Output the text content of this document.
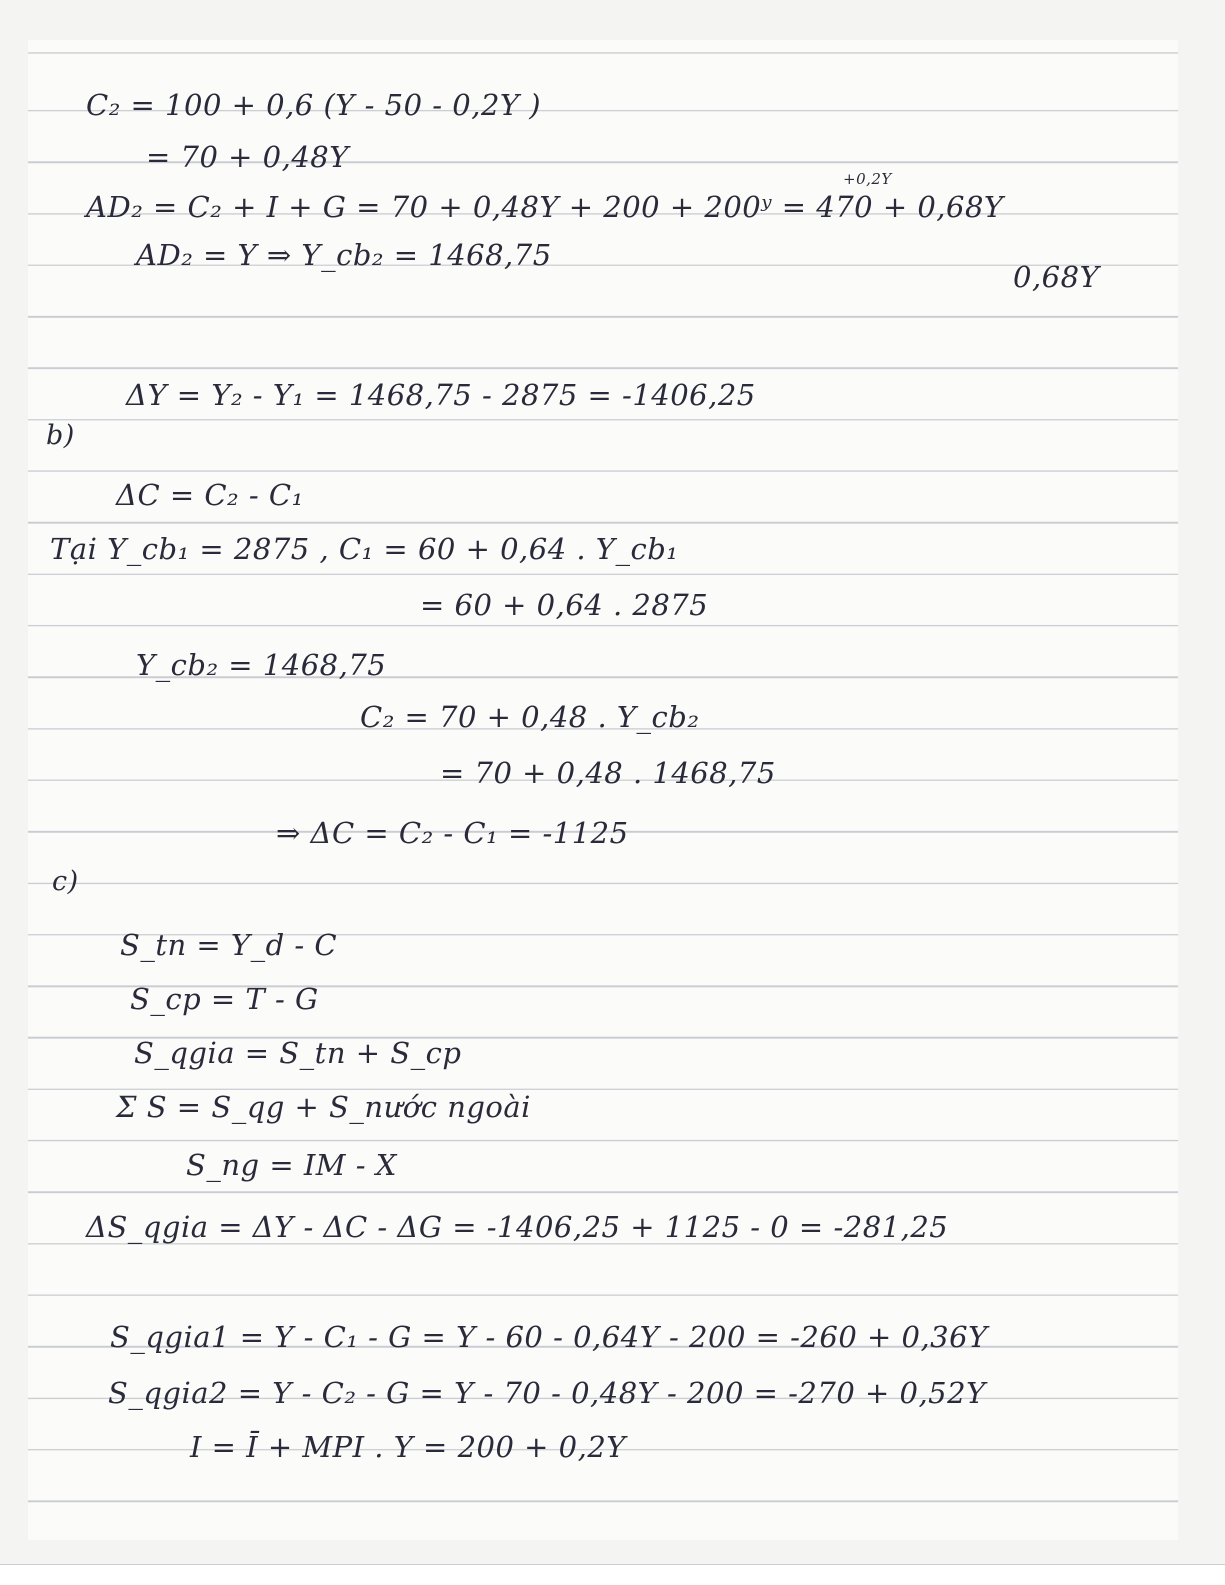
C₂ = 100 + 0,6 (Y - 50 - 0,2Y )
= 70 + 0,48Y
+0,2Y
AD₂ = C₂ + I + G = 70 + 0,48Y + 200 + 200ʸ = 470 + 0,68Y
AD₂ = Y ⇒ Y_cb₂ = 1468,75
0,68Y
ΔY = Y₂ - Y₁ = 1468,75 - 2875 = -1406,25
b)
ΔC = C₂ - C₁
Tại Y_cb₁ = 2875 , C₁ = 60 + 0,64 . Y_cb₁
= 60 + 0,64 . 2875
Y_cb₂ = 1468,75
C₂ = 70 + 0,48 . Y_cb₂
= 70 + 0,48 . 1468,75
⇒ ΔC = C₂ - C₁ = -1125
c)
S_tn = Y_d - C
S_cp = T - G
S_qgia = S_tn + S_cp
Σ S = S_qg + S_nước ngoài
S_ng = IM - X
ΔS_qgia = ΔY - ΔC - ΔG = -1406,25 + 1125 - 0 = -281,25
S_qgia1 = Y - C₁ - G = Y - 60 - 0,64Y - 200 = -260 + 0,36Y
S_qgia2 = Y - C₂ - G = Y - 70 - 0,48Y - 200 = -270 + 0,52Y
I = Ī + MPI . Y = 200 + 0,2Y
